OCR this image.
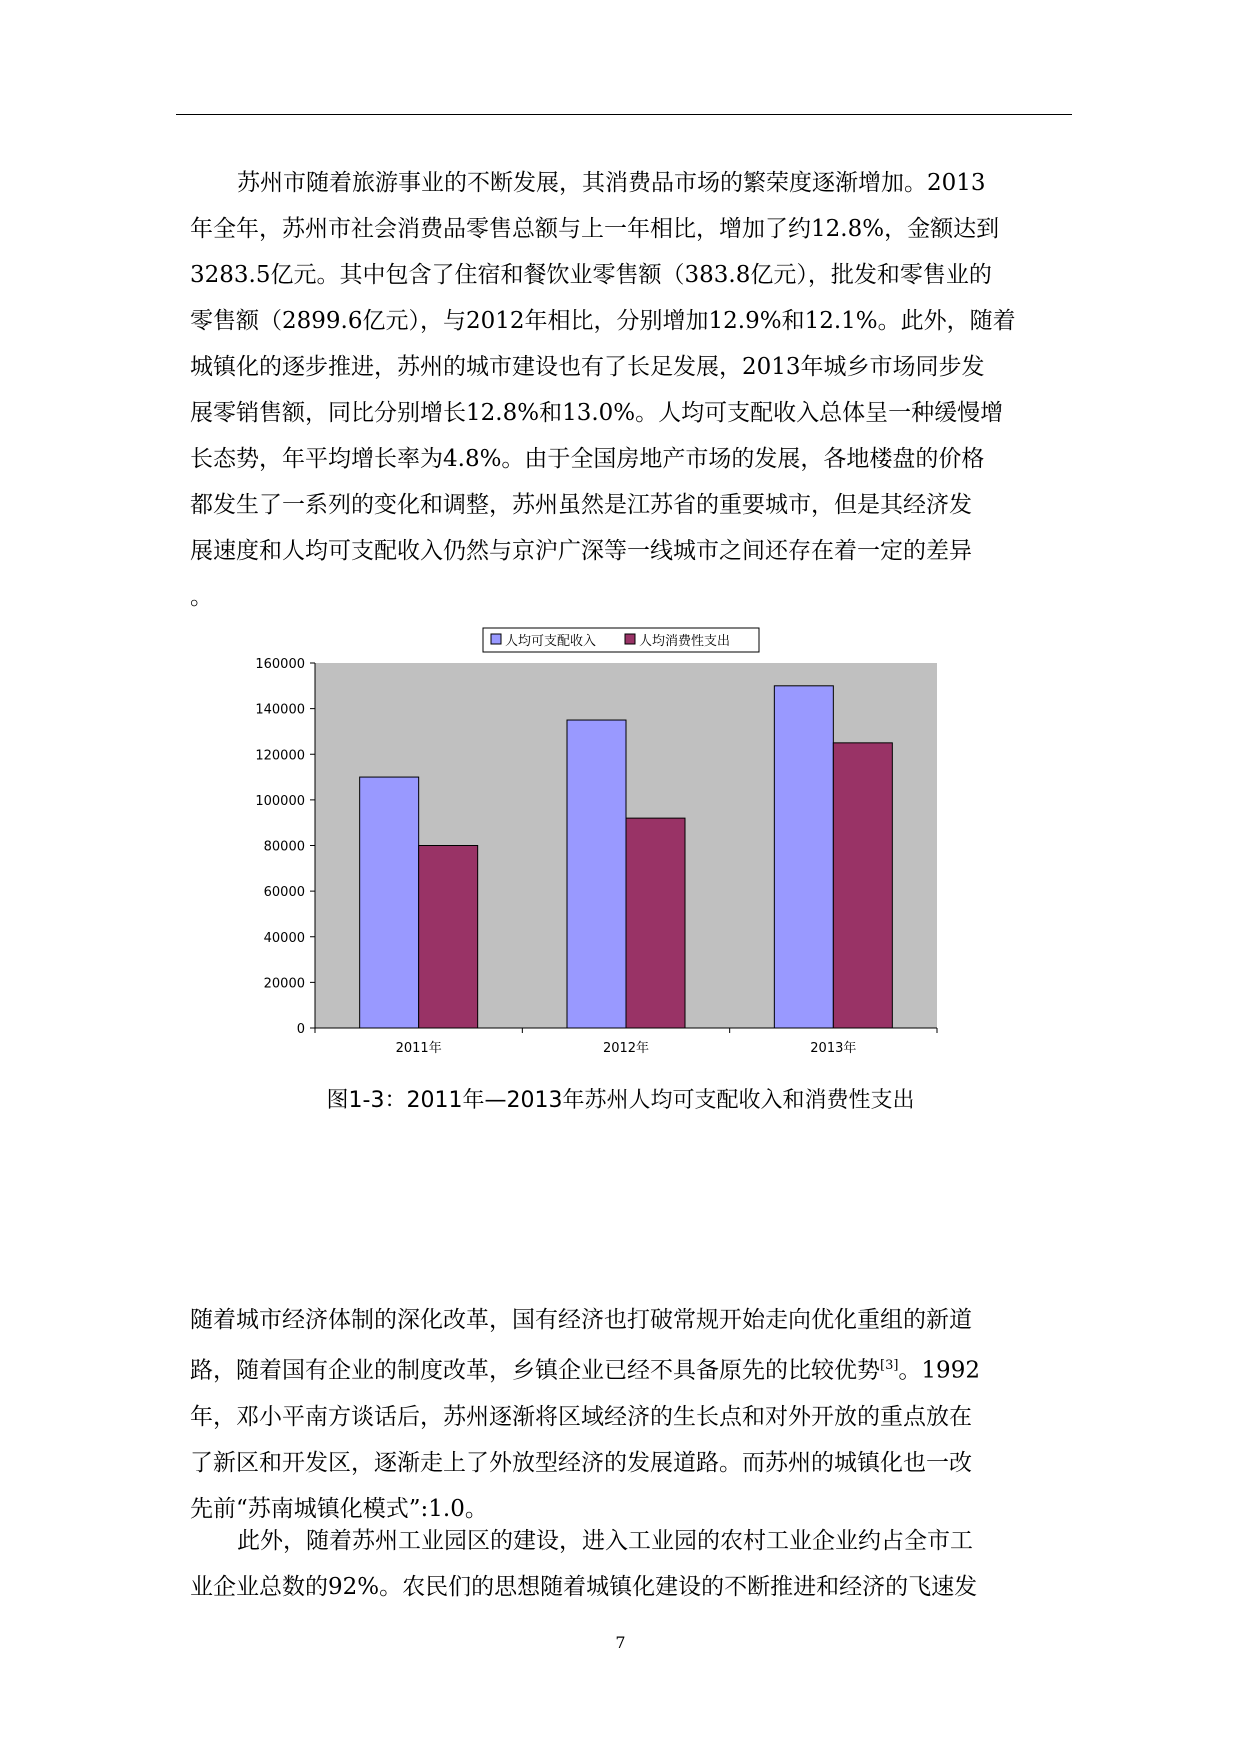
苏州市随着旅游事业的不断发展，其消费品市场的繁荣度逐渐增加。2013
年全年，苏州市社会消费品零售总额与上一年相比，增加了约12.8%，金额达到
3283.5亿元。其中包含了住宿和餐饮业零售额（383.8亿元），批发和零售业的
零售额（2899.6亿元），与2012年相比，分别增加12.9%和12.1%。此外，随着
城镇化的逐步推进，苏州的城市建设也有了长足发展，2013年城乡市场同步发
展零销售额，同比分别增长12.8%和13.0%。人均可支配收入总体呈一种缓慢增
长态势，年平均增长率为4.8%。由于全国房地产市场的发展，各地楼盘的价格
都发生了一系列的变化和调整，苏州虽然是江苏省的重要城市，但是其经济发
展速度和人均可支配收入仍然与京沪广深等一线城市之间还存在着一定的差异
。
人均可支配收入	人均消费性支出
0
20000
40000
60000
80000
100000
120000
140000
160000
2011年	2012年	2013年
图1-3：2011年—2013年苏州人均可支配收入和消费性支出
随着城市经济体制的深化改革，国有经济也打破常规开始走向优化重组的新道
路，随着国有企业的制度改革，乡镇企业已经不具备原先的比较优势[3]。1992
年，邓小平南方谈话后，苏州逐渐将区域经济的生长点和对外开放的重点放在
了新区和开发区，逐渐走上了外放型经济的发展道路。而苏州的城镇化也一改
先前“苏南城镇化模式”:1.0。
此外，随着苏州工业园区的建设，进入工业园的农村工业企业约占全市工
业企业总数的92%。农民们的思想随着城镇化建设的不断推进和经济的飞速发
7
